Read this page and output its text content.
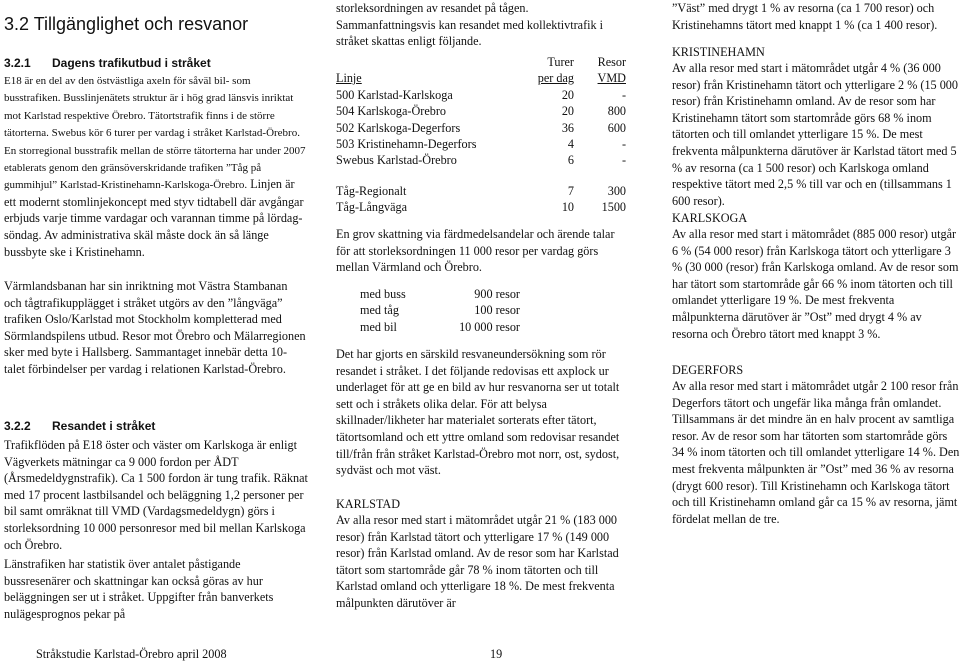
3.2 Tillgänglighet och resvanor
3.2.1 Dagens trafikutbud i stråket

E18 är en del av den östvästliga axeln för såväl bil- som busstrafiken. Busslinjenätets struktur är i hög grad länsvis inriktat mot Karlstad respektive Örebro. Tätortstrafik finns i de större tätorterna. Swebus kör 6 turer per vardag i stråket Karlstad-Örebro. En storregional busstrafik mellan de större tätorterna har under 2007 etablerats genom den gränsöverskridande trafiken ”Tåg på gummihjul” Karlstad-Kristinehamn-Karlskoga-Örebro. Linjen är ett modernt stomlinjekoncept med styv tidtabell där avgångar erbjuds varje timme vardagar och varannan timme på lördag-söndag. Av administrativa skäl måste dock än så länge bussbyte ske i Kristinehamn.

Värmlandsbanan har sin inriktning mot Västra Stambanan och tågtrafikupplägget i stråket utgörs av den ”långväga” trafiken Oslo/Karlstad mot Stockholm kompletterad med Sörmlandspilens utbud. Resor mot Örebro och Mälarregionen sker med byte i Hallsberg. Sammantaget innebär detta 10-talet förbindelser per vardag i relationen Karlstad-Örebro.

3.2.2 Resandet i stråket

Trafikflöden på E18 öster och väster om Karlskoga är enligt Vägverkets mätningar ca 9 000 fordon per ÅDT (Årsmedeldygnstrafik). Ca 1 500 fordon är tung trafik. Räknat med 17 procent lastbilsandel och beläggning 1,2 personer per bil samt omräknat till VMD (Vardagsmedeldygn) görs i storleksordning 10 000 personresor med bil mellan Karlskoga och Örebro.

Länstrafiken har statistik över antalet påstigande bussresenärer och skattningar kan också göras av hur beläggningen ser ut i stråket. Uppgifter från banverkets nulägesprognos pekar på

Stråkstudie Karlstad-Örebro april 2008

storleksordningen av resandet på tågen. Sammanfattningsvis kan resandet med kollektivtrafik i stråket skattas enligt följande.

	Turer	Resor
Linje	per dag	VMD
500 Karlstad-Karlskoga	20	-
504 Karlskoga-Örebro	20	800
502 Karlskoga-Degerfors	36	600
503 Kristinehamn-Degerfors	4	-
Swebus Karlstad-Örebro	6	-

Tåg-Regionalt	7	300
Tåg-Långväga	10	1500

En grov skattning via färdmedelsandelar och ärende talar för att storleksordningen 11 000 resor per vardag görs mellan Värmland och Örebro.

med buss	900 resor
med tåg	100 resor
med bil	10 000 resor

Det har gjorts en särskild resvaneundersökning som rör resandet i stråket. I det följande redovisas ett axplock ur underlaget för att ge en bild av hur resvanorna ser ut totalt sett och i stråkets olika delar. För att belysa skillnader/likheter har materialet sorterats efter tätort, tätortsomland och ett yttre omland som redovisar resandet till/från från stråket Karlstad-Örebro mot norr, ost, sydost, sydväst och mot väst.

KARLSTAD

Av alla resor med start i mätområdet utgår 21 % (183 000 resor) från Karlstad tätort och ytterligare 17 % (149 000 resor) från Karlstad omland. Av de resor som har Karlstad tätort som startområde går 78 % inom tätorten och till Karlstad omland och ytterligare 18 %. De mest frekventa målpunkten därutöver är

19

”Väst” med drygt 1 % av resorna (ca 1 700 resor) och Kristinehamns tätort med knappt 1 % (ca 1 400 resor).

KRISTINEHAMN

Av alla resor med start i mätområdet utgår 4 % (36 000 resor) från Kristinehamn tätort och ytterligare 2 % (15 000 resor) från Kristinehamn omland. Av de resor som har Kristinehamn tätort som startområde görs 68 % inom tätorten och till omlandet ytterligare 15 %. De mest frekventa målpunkterna därutöver är Karlstad tätort med 5 % av resorna (ca 1 500 resor) och Karlskoga omland respektive tätort med 2,5 % till var och en (tillsammans 1 600 resor).

KARLSKOGA

Av alla resor med start i mätområdet (885 000 resor) utgår 6 % (54 000 resor) från Karlskoga tätort och ytterligare 3 % (30 000 (resor) från Karlskoga omland. Av de resor som har tätort som startområde går 66 % inom tätorten och till omlandet ytterligare 19 %. De mest frekventa målpunkterna därutöver är ”Ost” med drygt 4 % av resorna och Örebro tätort med knappt 3 %.

DEGERFORS

Av alla resor med start i mätområdet utgår 2 100 resor från Degerfors tätort och ungefär lika många från omlandet. Tillsammans är det mindre än en halv procent av samtliga resor. Av de resor som har tätorten som startområde görs 34 % inom tätorten och till omlandet ytterligare 14 %. Den mest frekventa målpunkten är ”Ost” med 36 % av resorna (drygt 600 resor). Till Kristinehamn och Karlskoga tätort och till Kristinehamn omland går ca 15 % av resorna, jämt fördelat mellan de tre.
